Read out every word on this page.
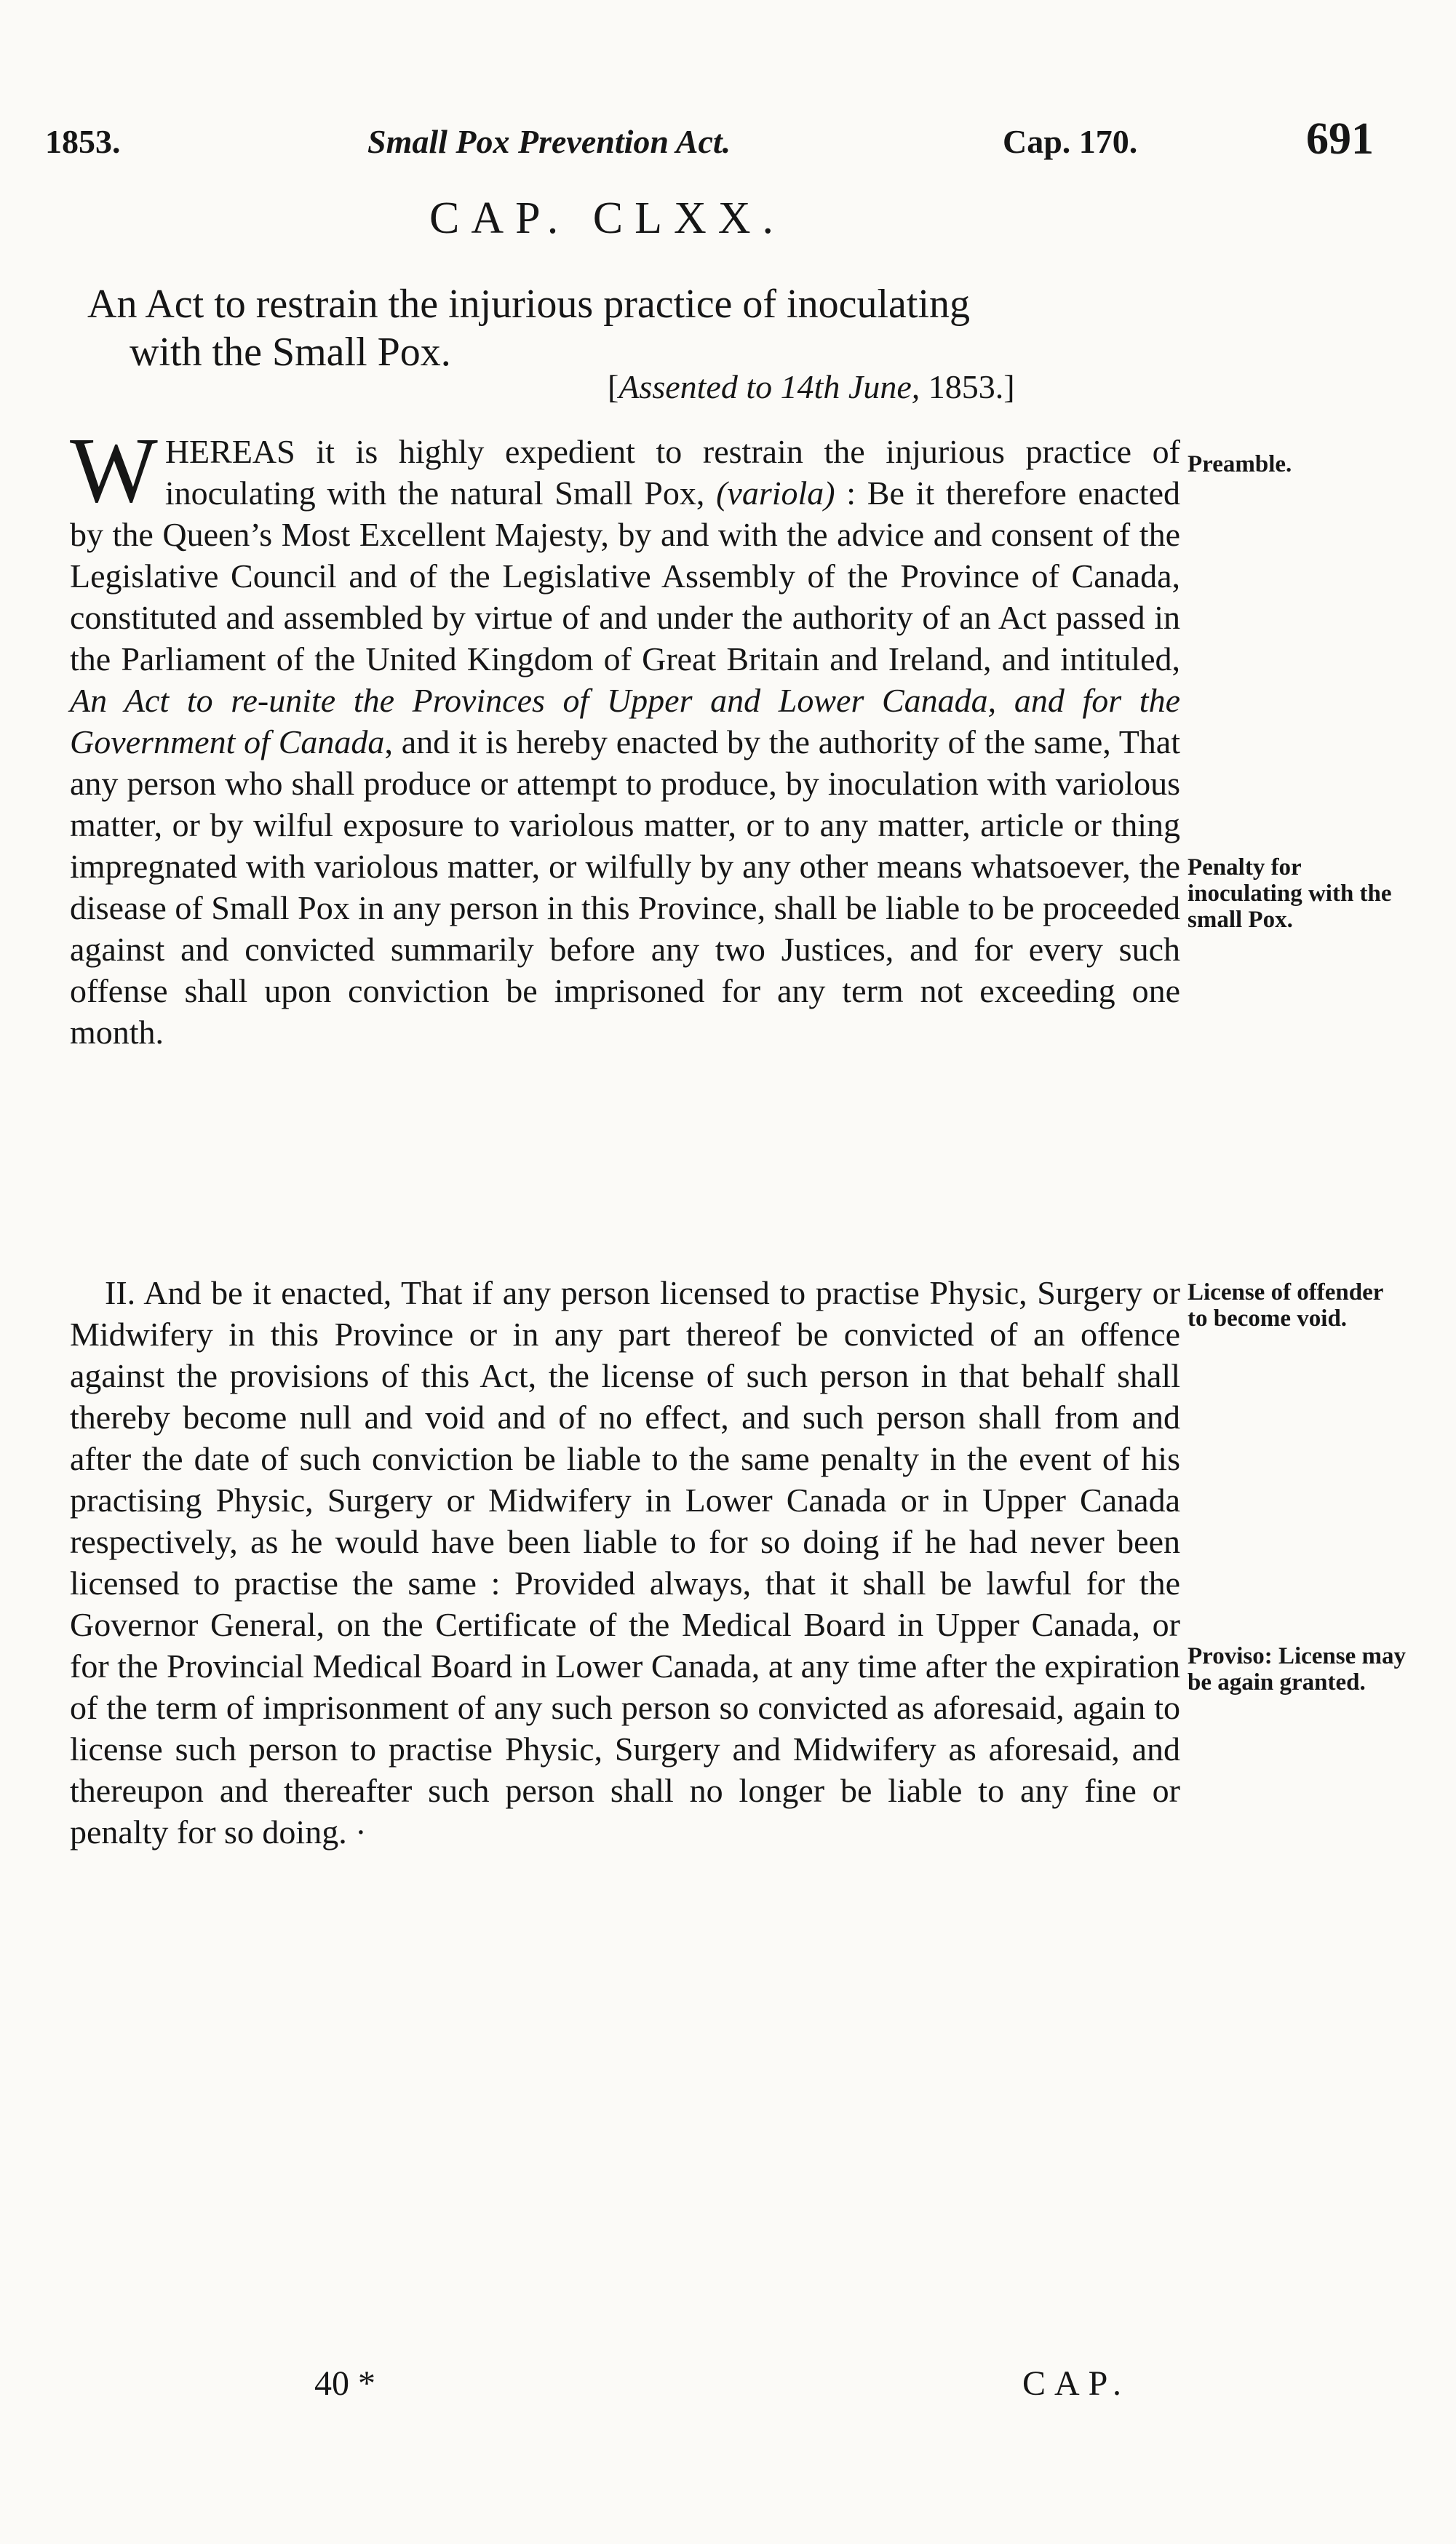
1853.	Small Pox Prevention Act.	Cap. 170.	691
CAP. CLXX.
An Act to restrain the injurious practice of inoculating
with the Small Pox.
[Assented to 14th June, 1853.]
WHEREAS it is highly expedient to restrain the injurious practice of inoculating with the natural Small Pox, (variola) : Be it therefore enacted by the Queen’s Most Excellent Majesty, by and with the advice and consent of the Legislative Council and of the Legislative Assembly of the Province of Canada, constituted and assembled by virtue of and under the authority of an Act passed in the Parliament of the United Kingdom of Great Britain and Ireland, and intituled, An Act to re-unite the Provinces of Upper and Lower Canada, and for the Government of Canada, and it is hereby enacted by the authority of the same, That any person who shall produce or attempt to produce, by inoculation with variolous matter, or by wilful exposure to variolous matter, or to any matter, article or thing impregnated with variolous matter, or wilfully by any other means whatsoever, the disease of Small Pox in any person in this Province, shall be liable to be proceeded against and convicted summarily before any two Justices, and for every such offense shall upon conviction be imprisoned for any term not exceeding one month.
II. And be it enacted, That if any person licensed to practise Physic, Surgery or Midwifery in this Province or in any part thereof be convicted of an offence against the provisions of this Act, the license of such person in that behalf shall thereby become null and void and of no effect, and such person shall from and after the date of such conviction be liable to the same penalty in the event of his practising Physic, Surgery or Midwifery in Lower Canada or in Upper Canada respectively, as he would have been liable to for so doing if he had never been licensed to practise the same : Provided always, that it shall be lawful for the Governor General, on the Certificate of the Medical Board in Upper Canada, or for the Provincial Medical Board in Lower Canada, at any time after the expiration of the term of imprisonment of any such person so convicted as aforesaid, again to license such person to practise Physic, Surgery and Midwifery as aforesaid, and thereupon and thereafter such person shall no longer be liable to any fine or penalty for so doing. ·
Preamble.
Penalty for inoculating with the small Pox.
License of offender to become void.
Proviso: License may be again granted.
40 *	CAP.
